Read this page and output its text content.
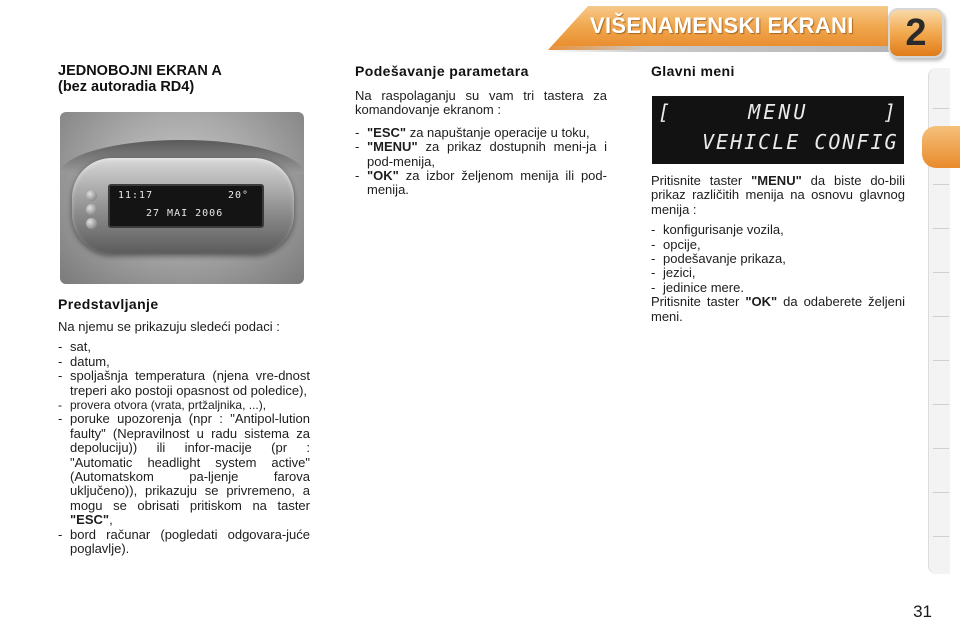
VIŠENAMENSKI EKRANI	2
JEDNOBOJNI EKRAN A
(bez autoradia RD4)
11:17	20°
27 MAI 2006
Predstavljanje
Na njemu se prikazuju sledeći podaci :
- sat,
- datum,
- spoljašnja temperatura (njena vre-dnost treperi ako postoji opasnost od poledice),
- provera otvora (vrata, prtžaljnika, ...),
- poruke upozorenja (npr : "Antipol-lution faulty" (Nepravilnost u radu sistema za depoluciju)) ili infor-macije (pr : "Automatic headlight system active" (Automatskom pa-ljenje farova uključeno)), prikazuju se privremeno, a mogu se obrisati pritiskom na taster "ESC",
- bord računar (pogledati odgovara-juće poglavlje).
Podešavanje parametara
Na raspolaganju su vam tri tastera za komandovanje ekranom :
- "ESC" za napuštanje operacije u toku,
- "MENU" za prikaz dostupnih meni-ja i pod-menija,
- "OK" za izbor željenom menija ili pod-menija.
Glavni meni
[     MENU     ]
VEHICLE CONFIG
Pritisnite taster "MENU" da biste do-bili prikaz različitih menija na osnovu glavnog menija :
- konfigurisanje vozila,
- opcije,
- podešavanje prikaza,
- jezici,
- jedinice mere.
Pritisnite taster "OK" da odaberete željeni meni.
31
